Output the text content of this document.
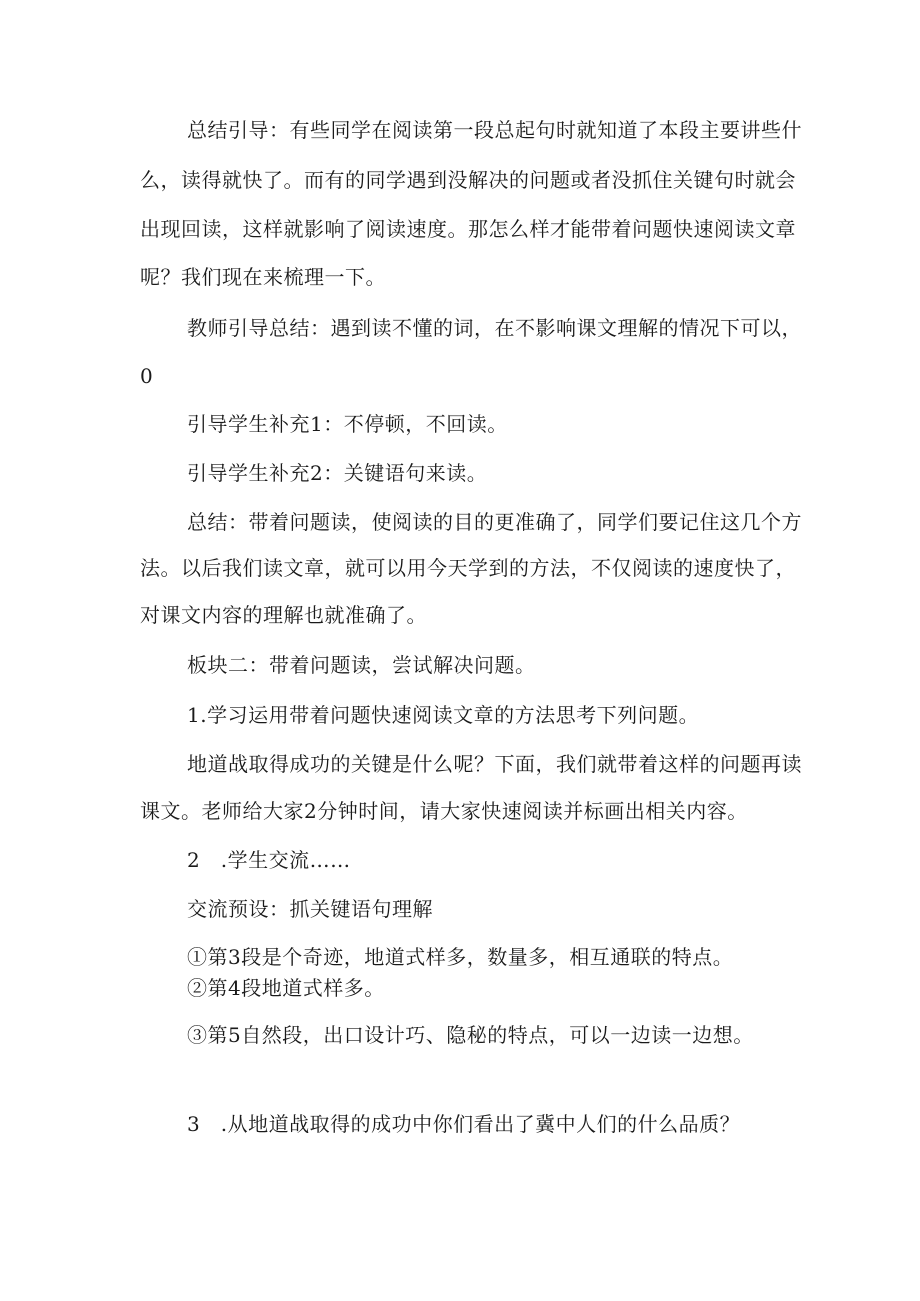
总结引导：有些同学在阅读第一段总起句时就知道了本段主要讲些什
么，读得就快了。而有的同学遇到没解决的问题或者没抓住关键句时就会
出现回读，这样就影响了阅读速度。那怎么样才能带着问题快速阅读文章
呢？我们现在来梳理一下。
教师引导总结：遇到读不懂的词，在不影响课文理解的情况下可以，
0
引导学生补充1：不停顿，不回读。
引导学生补充2：关键语句来读。
总结：带着问题读，使阅读的目的更准确了，同学们要记住这几个方
法。以后我们读文章，就可以用今天学到的方法，不仅阅读的速度快了，
对课文内容的理解也就准确了。
板块二：带着问题读，尝试解决问题。
1.学习运用带着问题快速阅读文章的方法思考下列问题。
地道战取得成功的关键是什么呢？下面，我们就带着这样的问题再读
课文。老师给大家2分钟时间，请大家快速阅读并标画出相关内容。
2 .学生交流……
交流预设：抓关键语句理解
①第3段是个奇迹，地道式样多，数量多，相互通联的特点。
②第4段地道式样多。
③第5自然段，出口设计巧、隐秘的特点，可以一边读一边想。
3 .从地道战取得的成功中你们看出了冀中人们的什么品质？
